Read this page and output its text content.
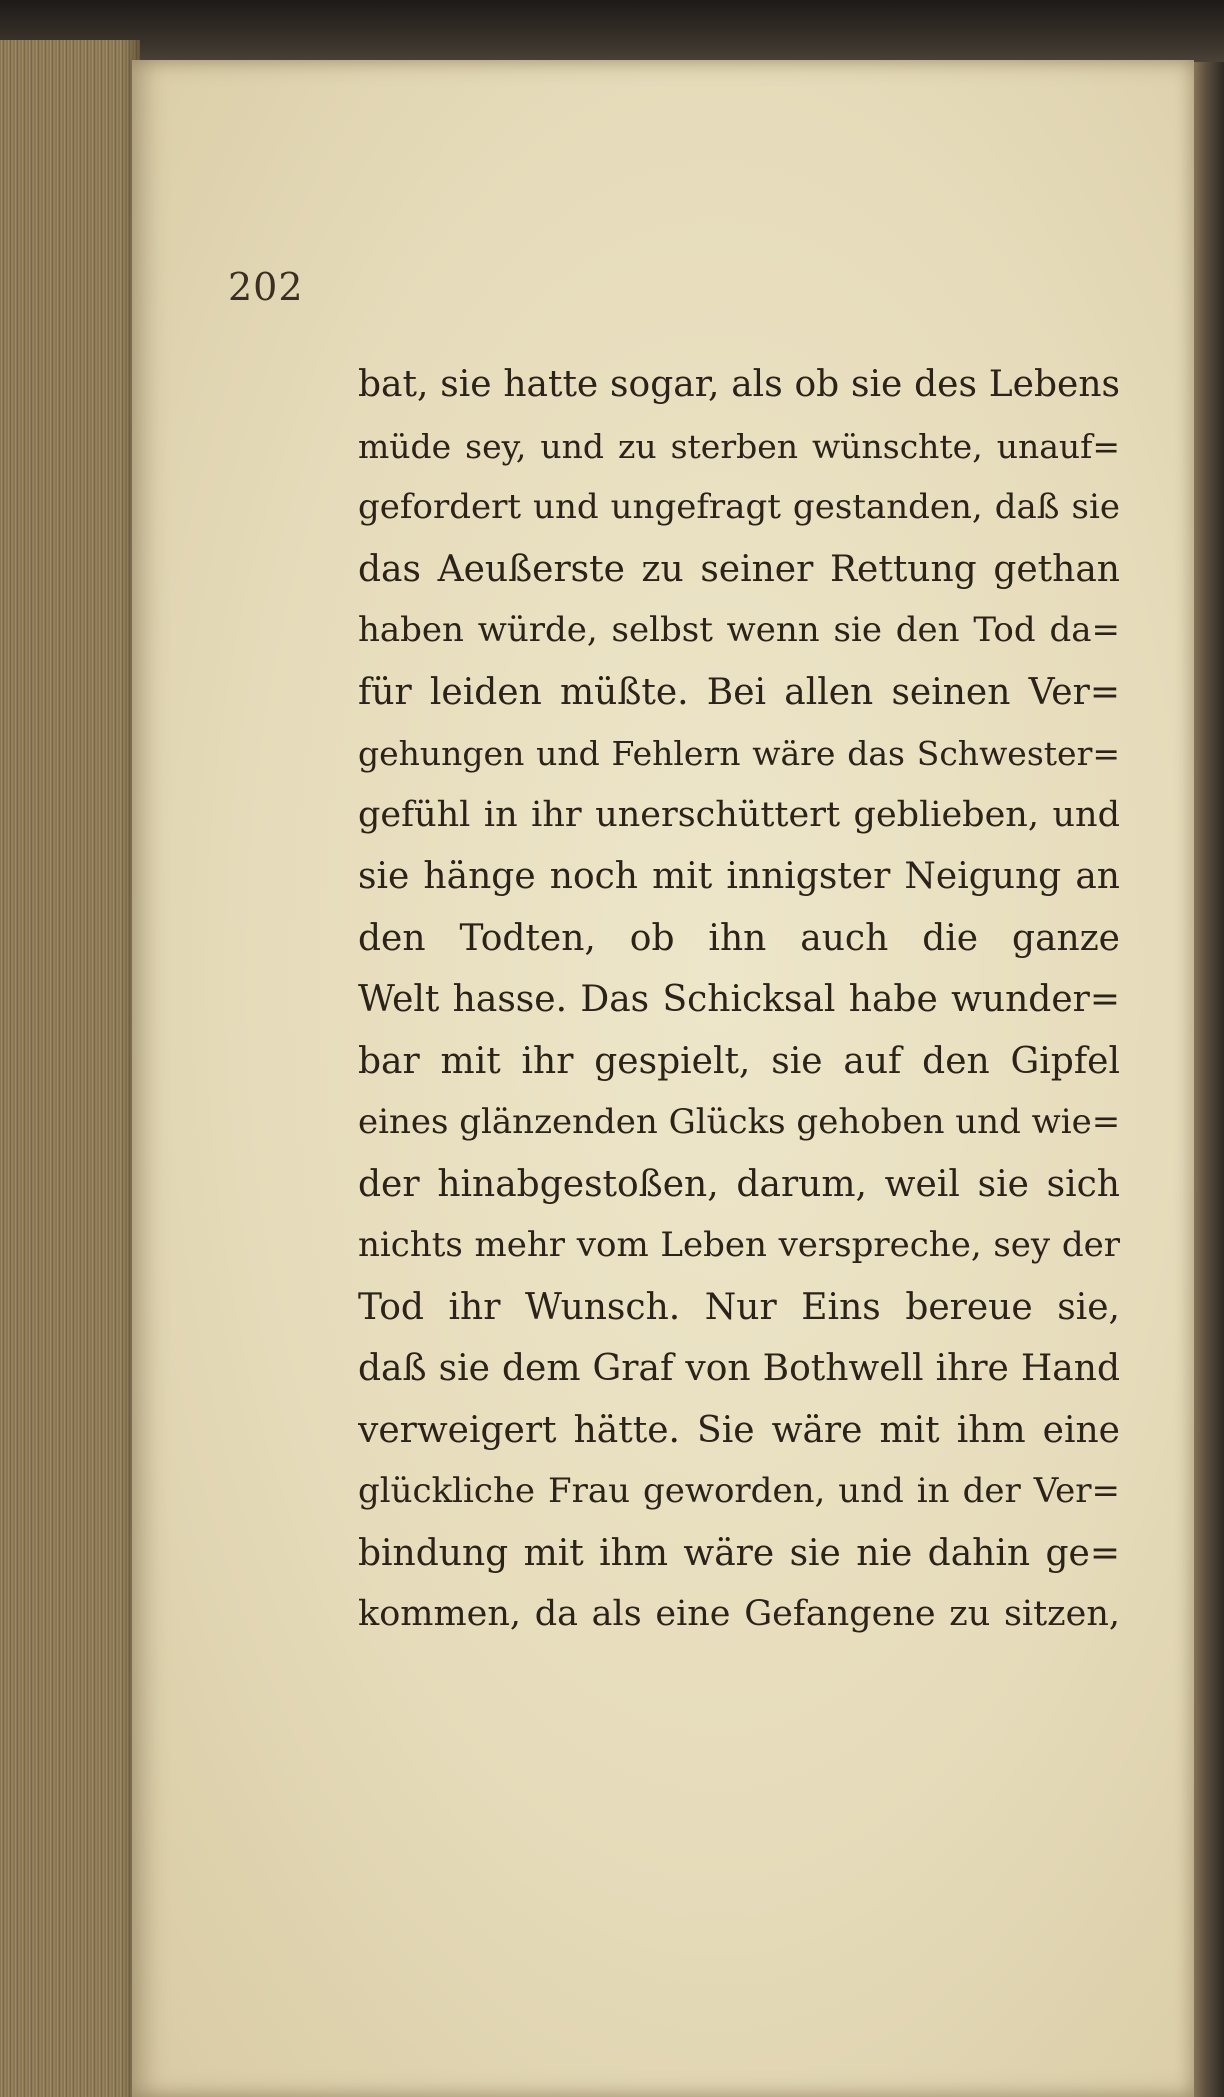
202
bat, sie hatte sogar, als ob sie des Lebens
müde sey, und zu sterben wünschte, unauf=
gefordert und ungefragt gestanden, daß sie
das Aeußerste zu seiner Rettung gethan
haben würde, selbst wenn sie den Tod da=
für leiden müßte. Bei allen seinen Ver=
gehungen und Fehlern wäre das Schwester=
gefühl in ihr unerschüttert geblieben, und
sie hänge noch mit innigster Neigung an
den Todten, ob ihn auch die ganze
Welt hasse. Das Schicksal habe wunder=
bar mit ihr gespielt, sie auf den Gipfel
eines glänzenden Glücks gehoben und wie=
der hinabgestoßen, darum, weil sie sich
nichts mehr vom Leben verspreche, sey der
Tod ihr Wunsch. Nur Eins bereue sie,
daß sie dem Graf von Bothwell ihre Hand
verweigert hätte. Sie wäre mit ihm eine
glückliche Frau geworden, und in der Ver=
bindung mit ihm wäre sie nie dahin ge=
kommen, da als eine Gefangene zu sitzen,
